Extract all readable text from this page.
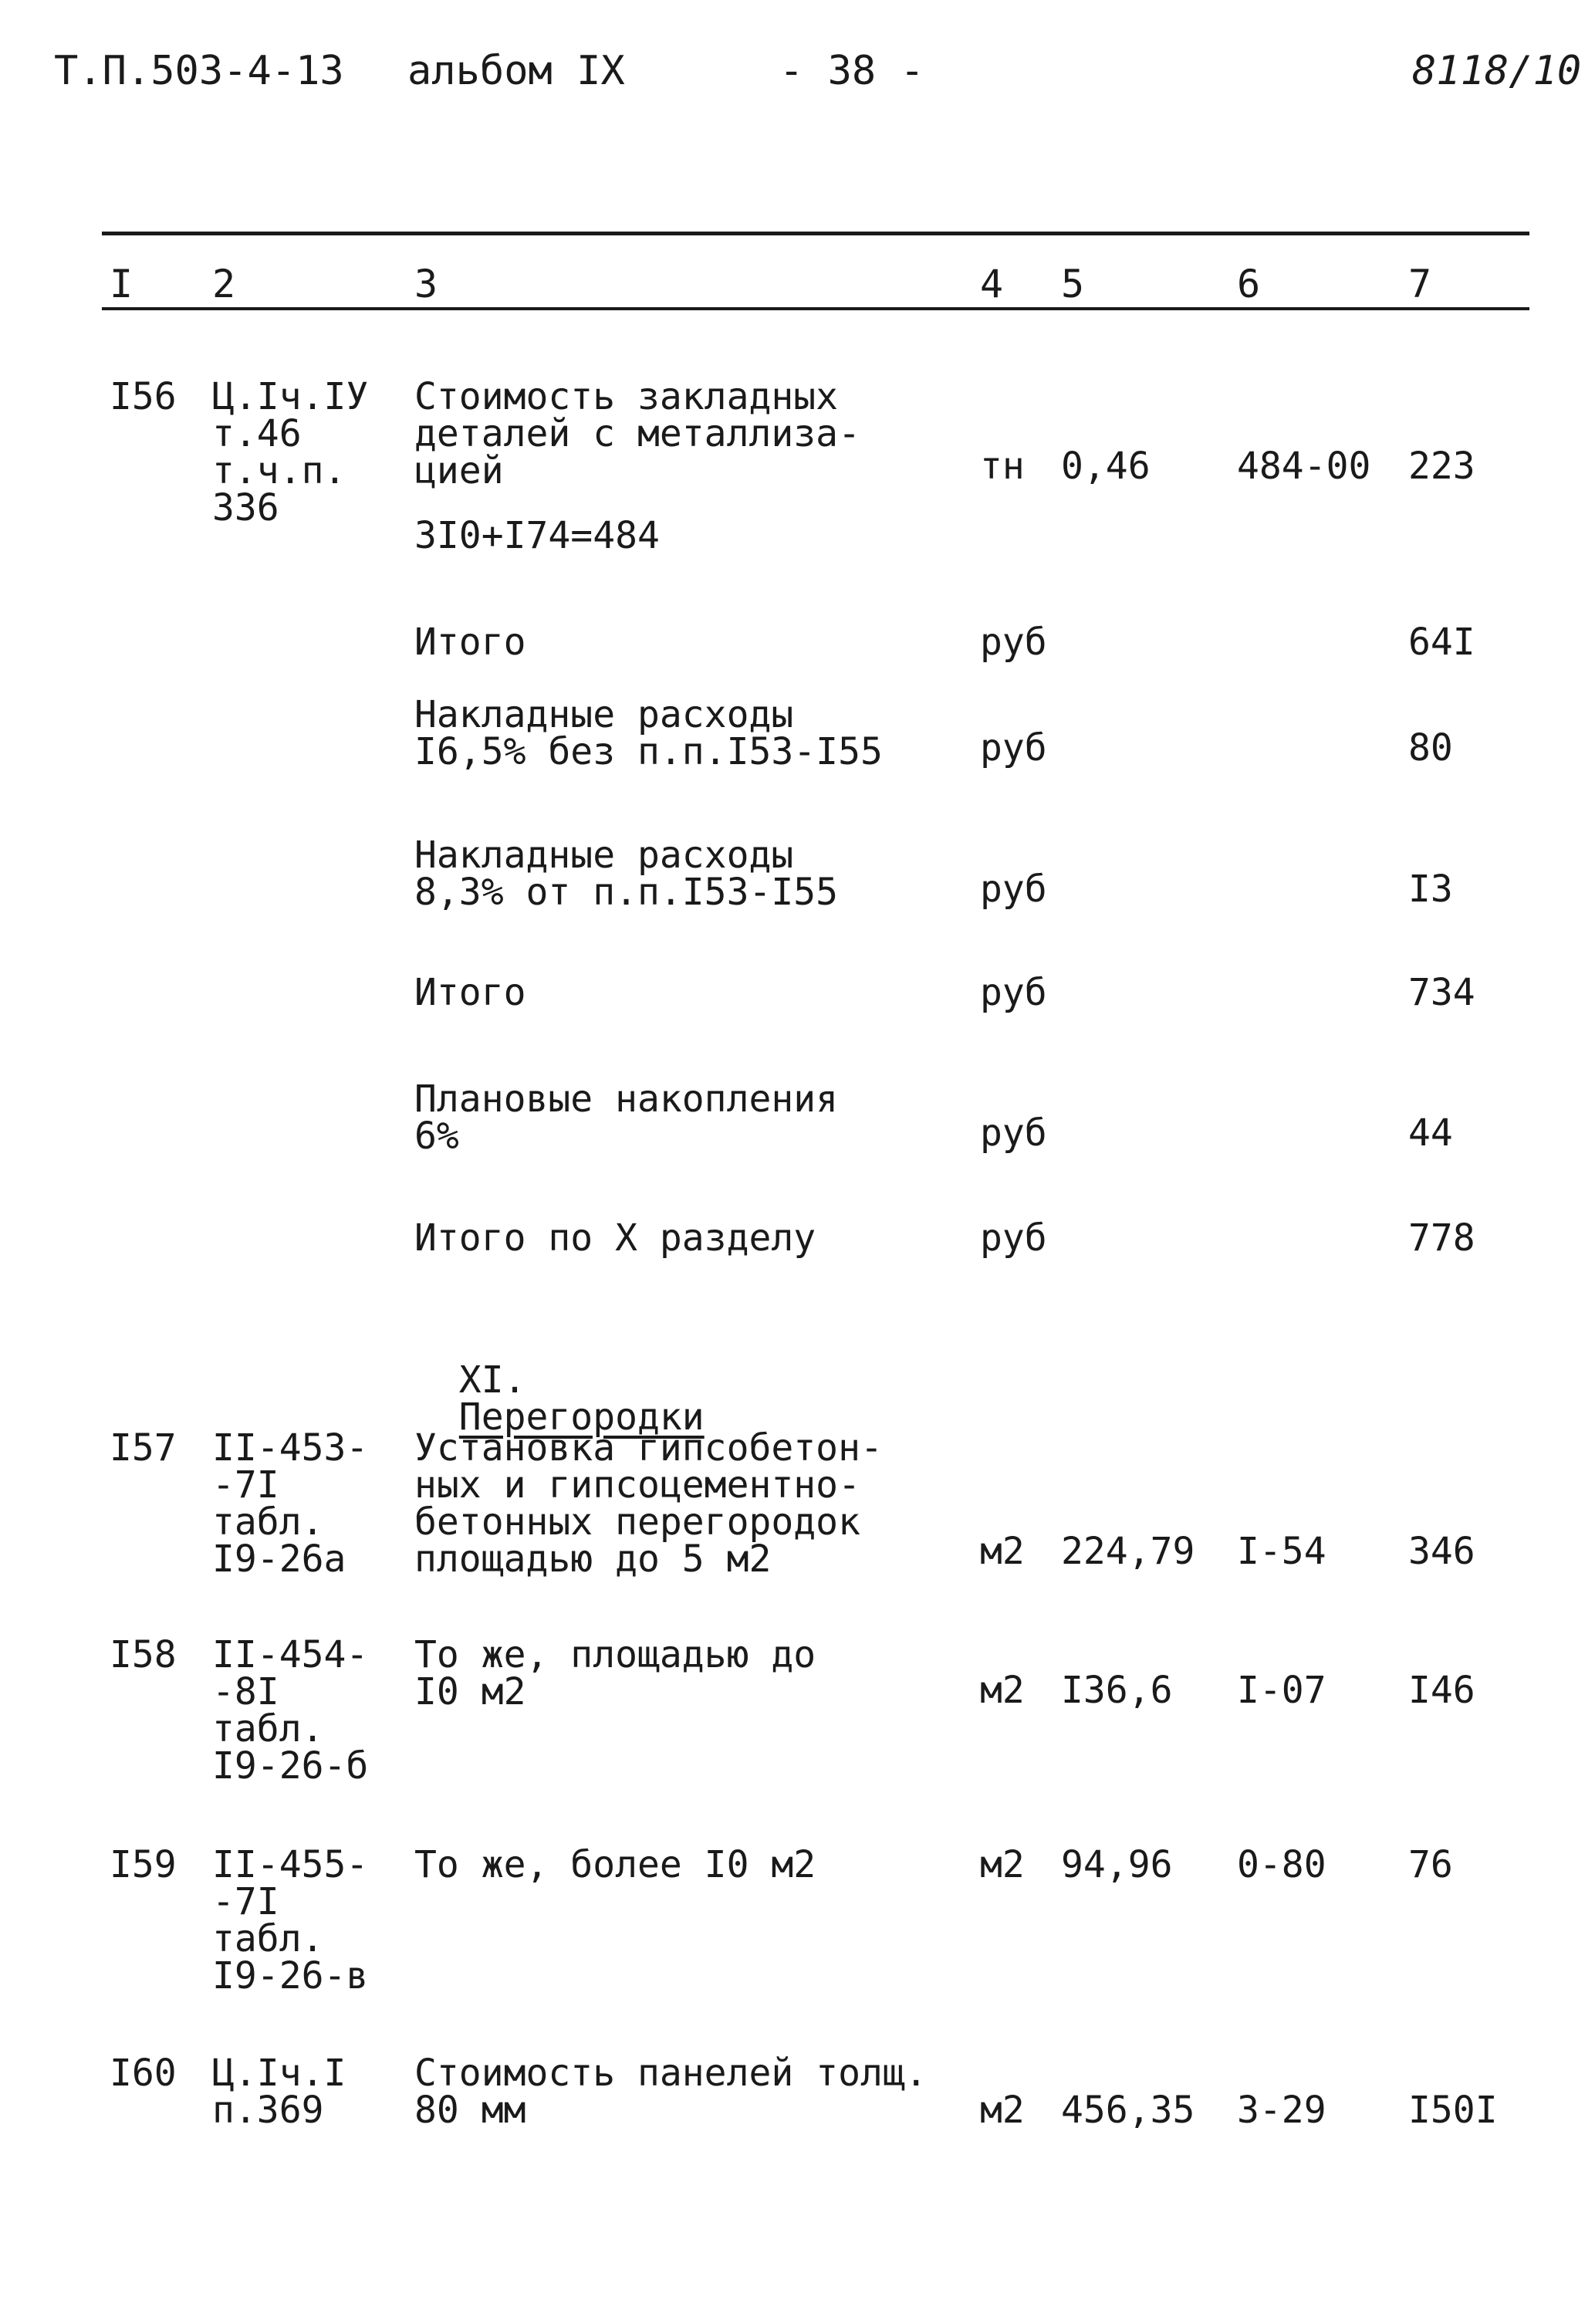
Т.П.503-4-13 альбом IX	- 38 -	8118/10
I 2	3	4 5	6	7
I56 Ц.Iч.IУ
т.46
т.ч.п.
336
Стоимость закладных
деталей с металлиза-
цией
3I0+I74=484
тн 0,46 484-00 223
Итого	руб	64I
Накладные расходы
I6,5% без п.п.I53-I55	руб	80
Накладные расходы
8,3% от п.п.I53-I55	руб	I3
Итого	руб	734
Плановые накопления
6%	руб	44
Итого по X разделу	руб	778

XI.
Перегородки

I57 II-453-
-7I
табл.
I9-26а
Установка гипсобетон-
ных и гипсоцементно-
бетонных перегородок
площадью до 5 м2	м2 224,79 I-54 346
I58 II-454-
-8I
табл.
I9-26-б
То же, площадью до
I0 м2	м2 I36,6 I-07 I46
I59 II-455-
-7I
табл.
I9-26-в
То же, более I0 м2	м2 94,96 0-80 76
I60 Ц.Iч.I
п.369
Стоимость панелей толщ.
80 мм	м2 456,35 3-29 I50I
